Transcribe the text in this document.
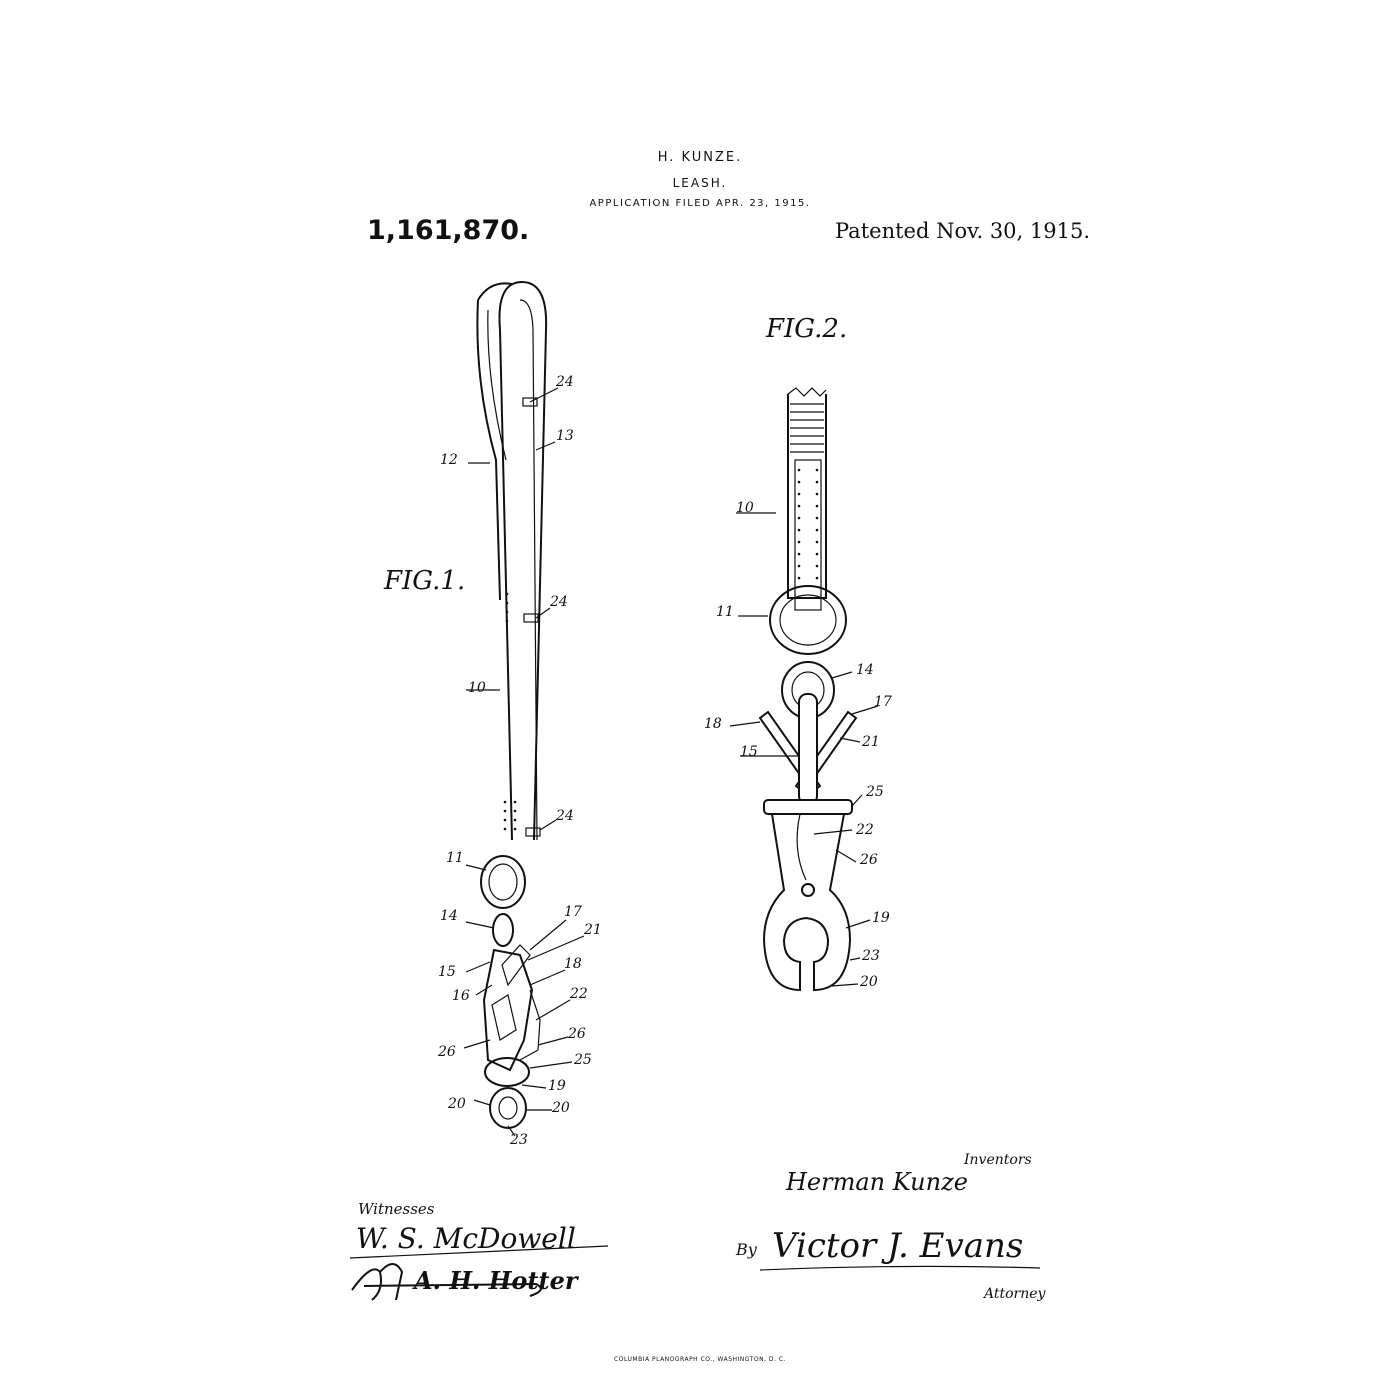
H. KUNZE.
LEASH.
APPLICATION FILED APR. 23, 1915.
1,161,870.	Patented Nov. 30, 1915.
FIG.1.
FIG.2.
24
13
12
24
10
24
11
14	17
21
18
15
16	22
26
26
25
19
20	20
23
10
11
14
17
18
21
15
25
22
26
19
23
20
Inventors
Herman Kunze
Witnesses
W. S. McDowell
A. H. Hotter
By Victor J. Evans
Attorney
COLUMBIA PLANOGRAPH CO., WASHINGTON, D. C.
